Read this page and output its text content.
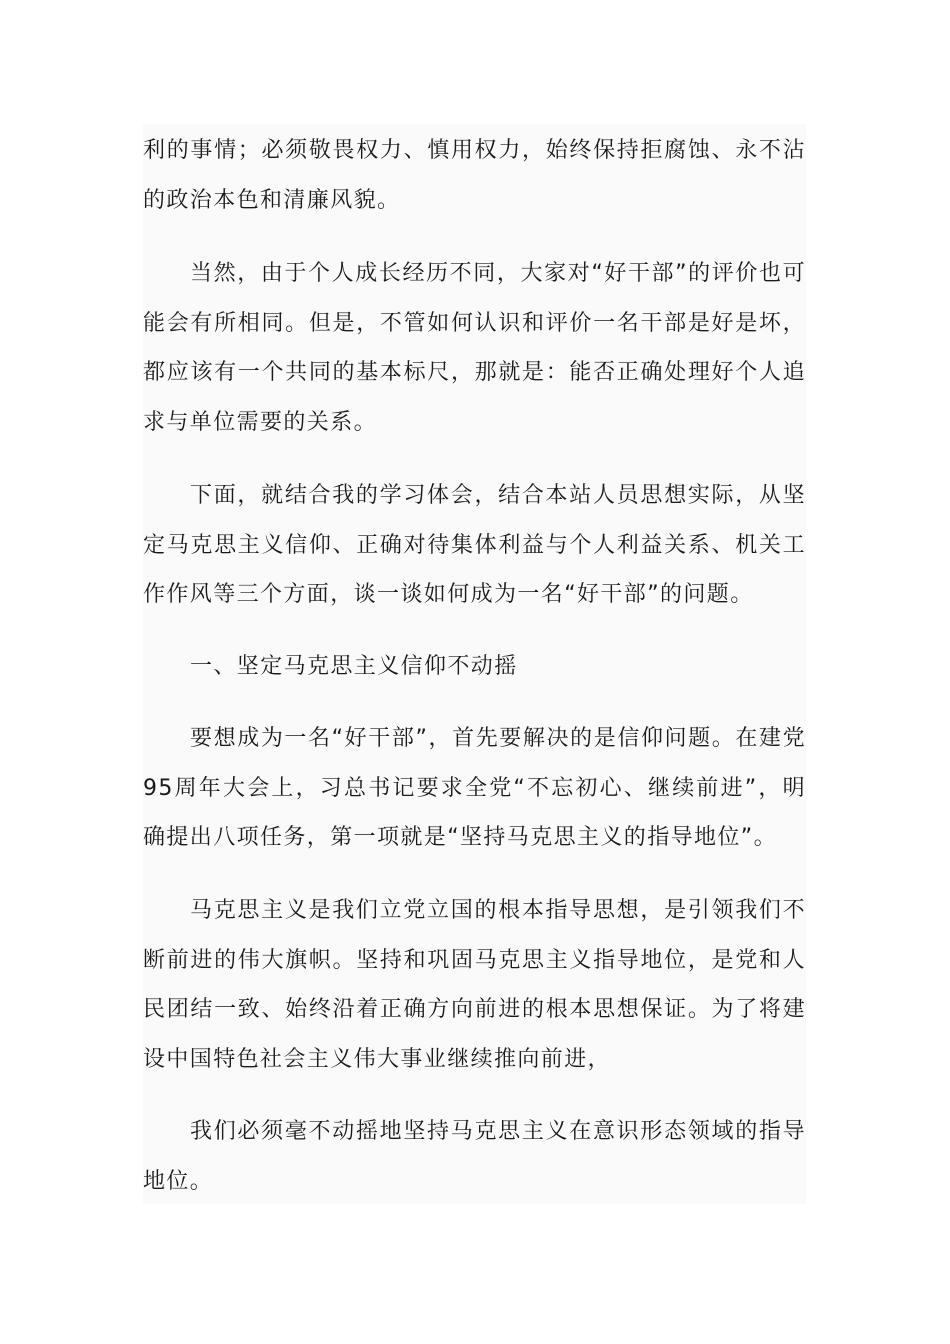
利的事情；必须敬畏权力、慎用权力，始终保持拒腐蚀、永不沾的政治本色和清廉风貌。

当然，由于个人成长经历不同，大家对“好干部”的评价也可能会有所相同。但是，不管如何认识和评价一名干部是好是坏，都应该有一个共同的基本标尺，那就是：能否正确处理好个人追求与单位需要的关系。

下面，就结合我的学习体会，结合本站人员思想实际，从坚定马克思主义信仰、正确对待集体利益与个人利益关系、机关工作作风等三个方面，谈一谈如何成为一名“好干部”的问题。

一、坚定马克思主义信仰不动摇

要想成为一名“好干部”，首先要解决的是信仰问题。在建党95周年大会上，习总书记要求全党“不忘初心、继续前进”，明确提出八项任务，第一项就是“坚持马克思主义的指导地位”。

马克思主义是我们立党立国的根本指导思想，是引领我们不断前进的伟大旗帜。坚持和巩固马克思主义指导地位，是党和人民团结一致、始终沿着正确方向前进的根本思想保证。为了将建设中国特色社会主义伟大事业继续推向前进，

我们必须毫不动摇地坚持马克思主义在意识形态领域的指导地位。
